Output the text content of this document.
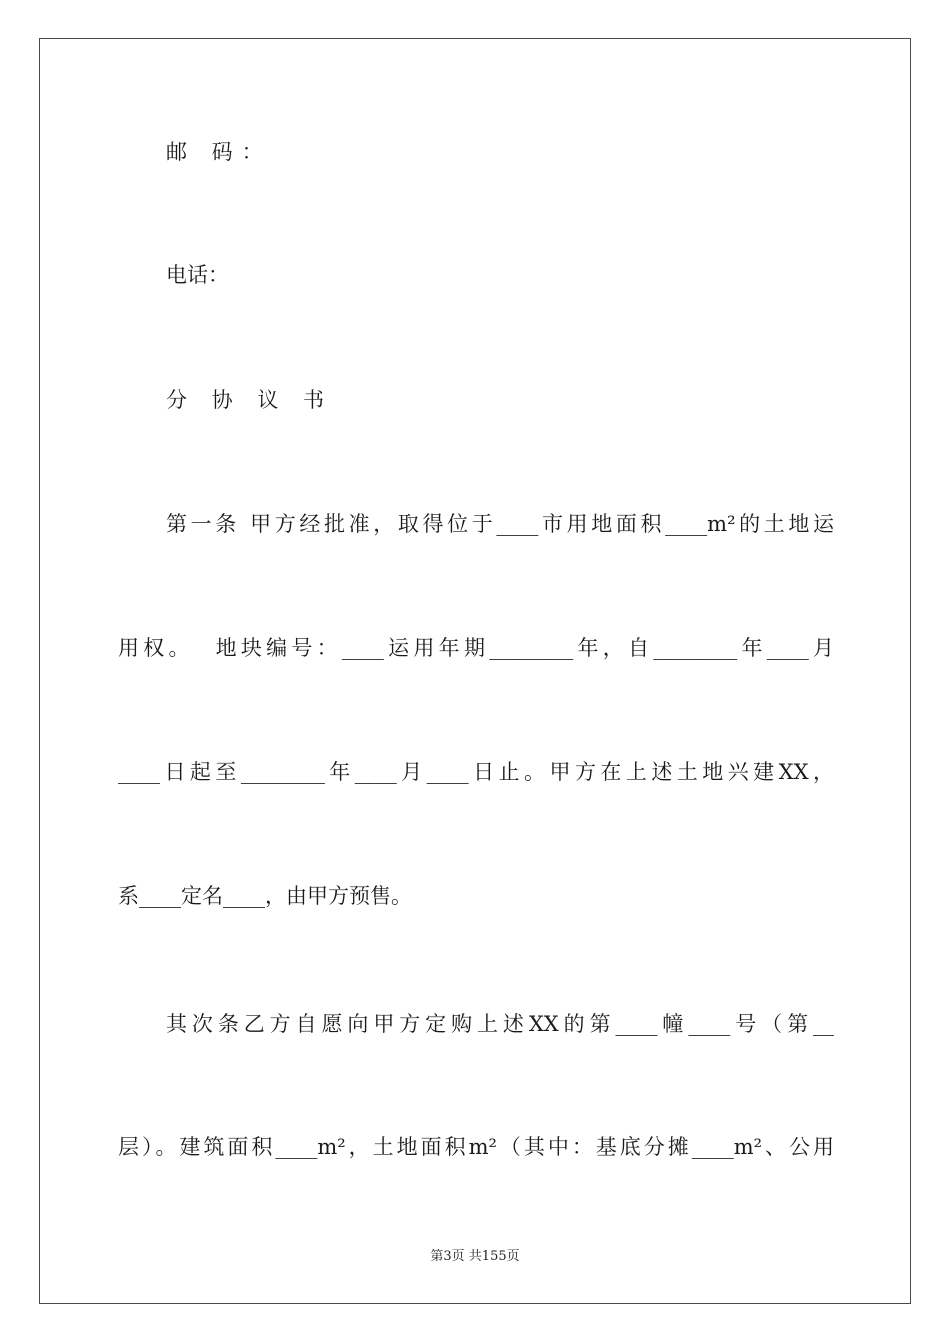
邮 码：
电话：
分 协 议 书
第一条 甲方经批准，取得位于____市用地面积____m²的土地运
用权。  地块编号：____运用年期________年，自________年____月
____日起至________年____月____日止。甲方在上述土地兴建XX，
系____定名____，由甲方预售。
其次条乙方自愿向甲方定购上述XX的第____幢____号（第__
层）。建筑面积____m²，土地面积m²（其中：基底分摊____m²、公用
第3页 共155页
